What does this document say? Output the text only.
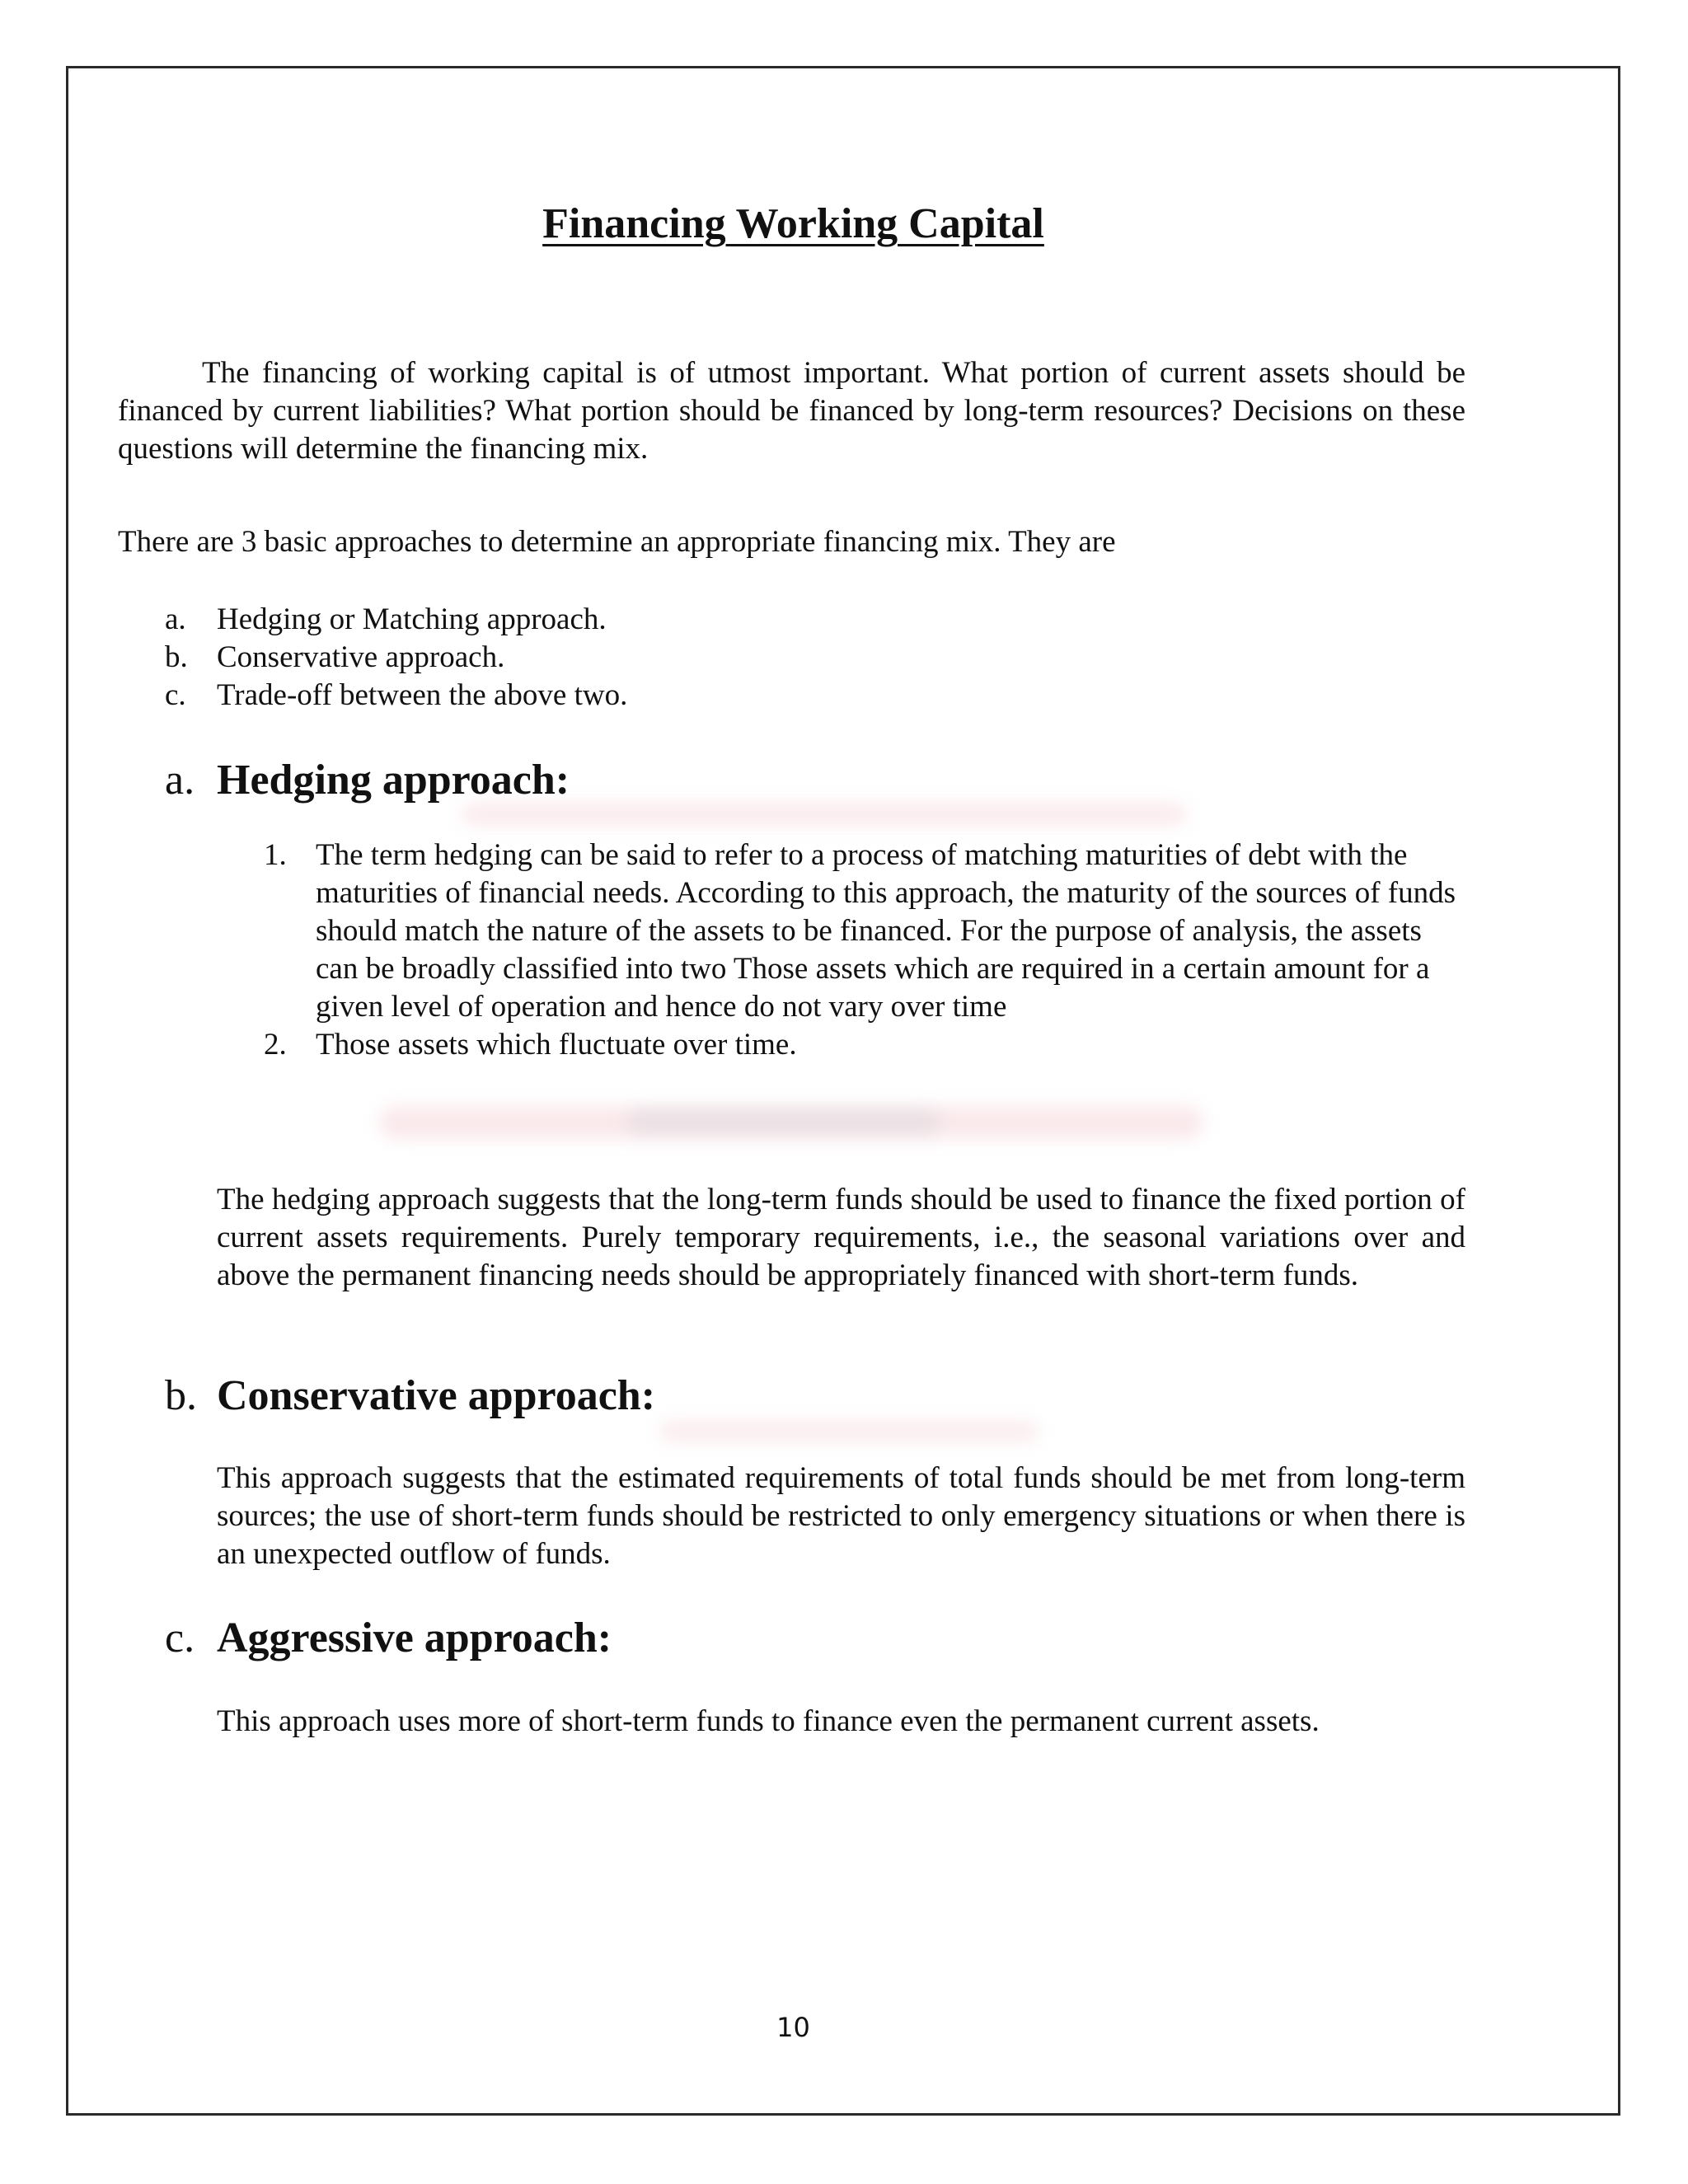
Financing Working Capital

The financing of working capital is of utmost important. What portion of current assets should be financed by current liabilities? What portion should be financed by long-term resources? Decisions on these questions will determine the financing mix.

There are 3 basic approaches to determine an appropriate financing mix. They are

a.	Hedging or Matching approach.
b. Conservative approach.
c.	Trade-off between the above two.
a. Hedging approach:
1. The term hedging can be said to refer to a process of matching maturities of debt with the maturities of financial needs. According to this approach, the maturity of the sources of funds should match the nature of the assets to be financed. For the purpose of analysis, the assets can be broadly classified into two Those assets which are required in a certain amount for a given level of operation and hence do not vary over time
2. Those assets which fluctuate over time.

The hedging approach suggests that the long-term funds should be used to finance the fixed portion of current assets requirements. Purely temporary requirements, i.e., the seasonal variations over and above the permanent financing needs should be appropriately financed with short-term funds.

b. Conservative approach:

This approach suggests that the estimated requirements of total funds should be met from long-term sources; the use of short-term funds should be restricted to only emergency situations or when there is an unexpected outflow of funds.

c. Aggressive approach:

This approach uses more of short-term funds to finance even the permanent current assets.

10
